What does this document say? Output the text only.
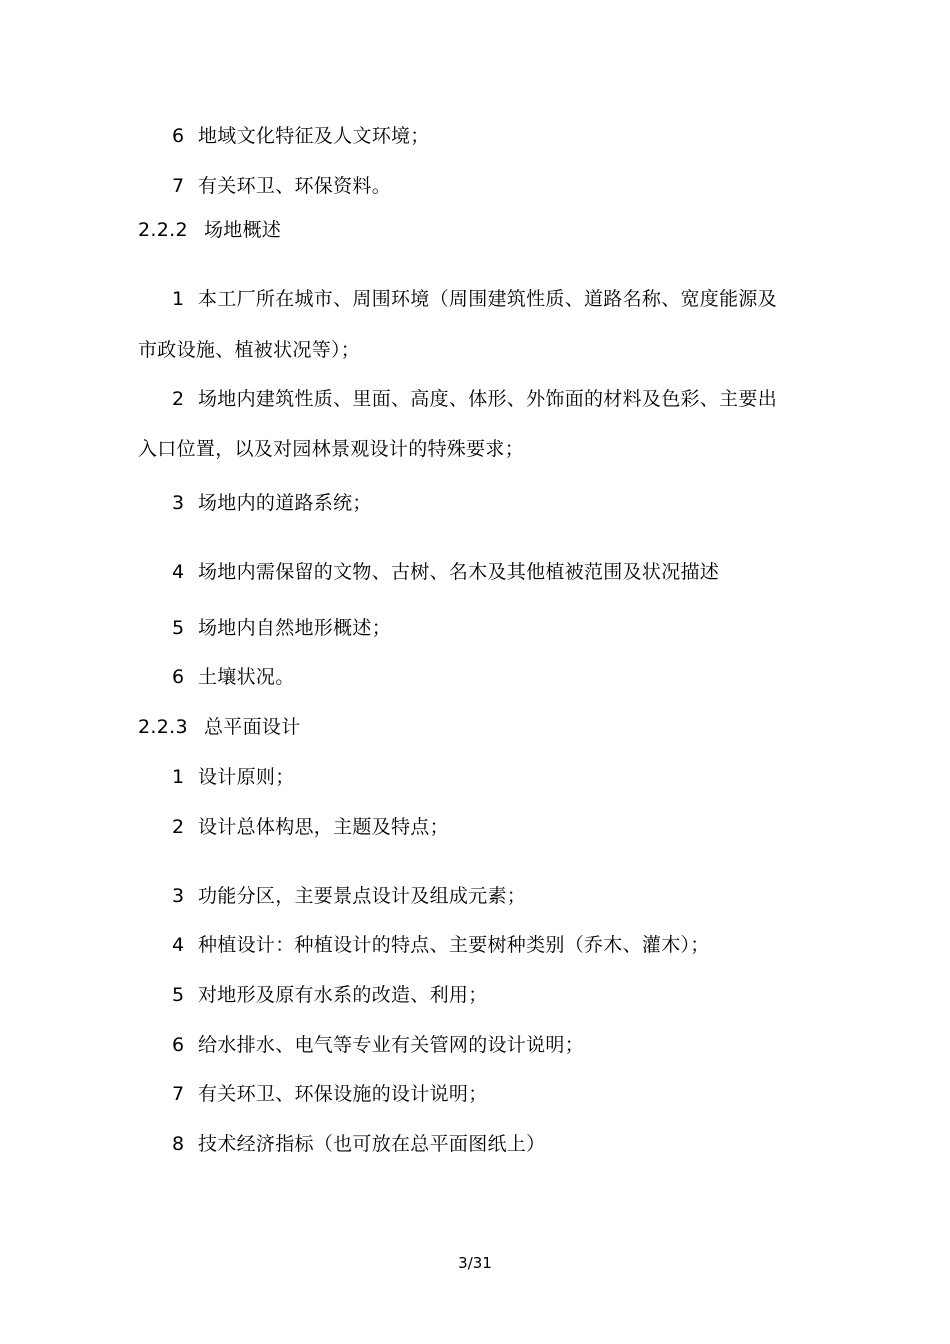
6 地域文化特征及人文环境；
7 有关环卫、环保资料。
2.2.2 场地概述
1 本工厂所在城市、周围环境（周围建筑性质、道路名称、宽度能源及
市政设施、植被状况等）；
2 场地内建筑性质、里面、高度、体形、外饰面的材料及色彩、主要出
入口位置，以及对园林景观设计的特殊要求；
3 场地内的道路系统；
4 场地内需保留的文物、古树、名木及其他植被范围及状况描述
5 场地内自然地形概述；
6 土壤状况。
2.2.3 总平面设计
1 设计原则；
2 设计总体构思，主题及特点；
3 功能分区，主要景点设计及组成元素；
4 种植设计：种植设计的特点、主要树种类别（乔木、灌木）；
5 对地形及原有水系的改造、利用；
6 给水排水、电气等专业有关管网的设计说明；
7 有关环卫、环保设施的设计说明；
8 技术经济指标（也可放在总平面图纸上）
3/31
